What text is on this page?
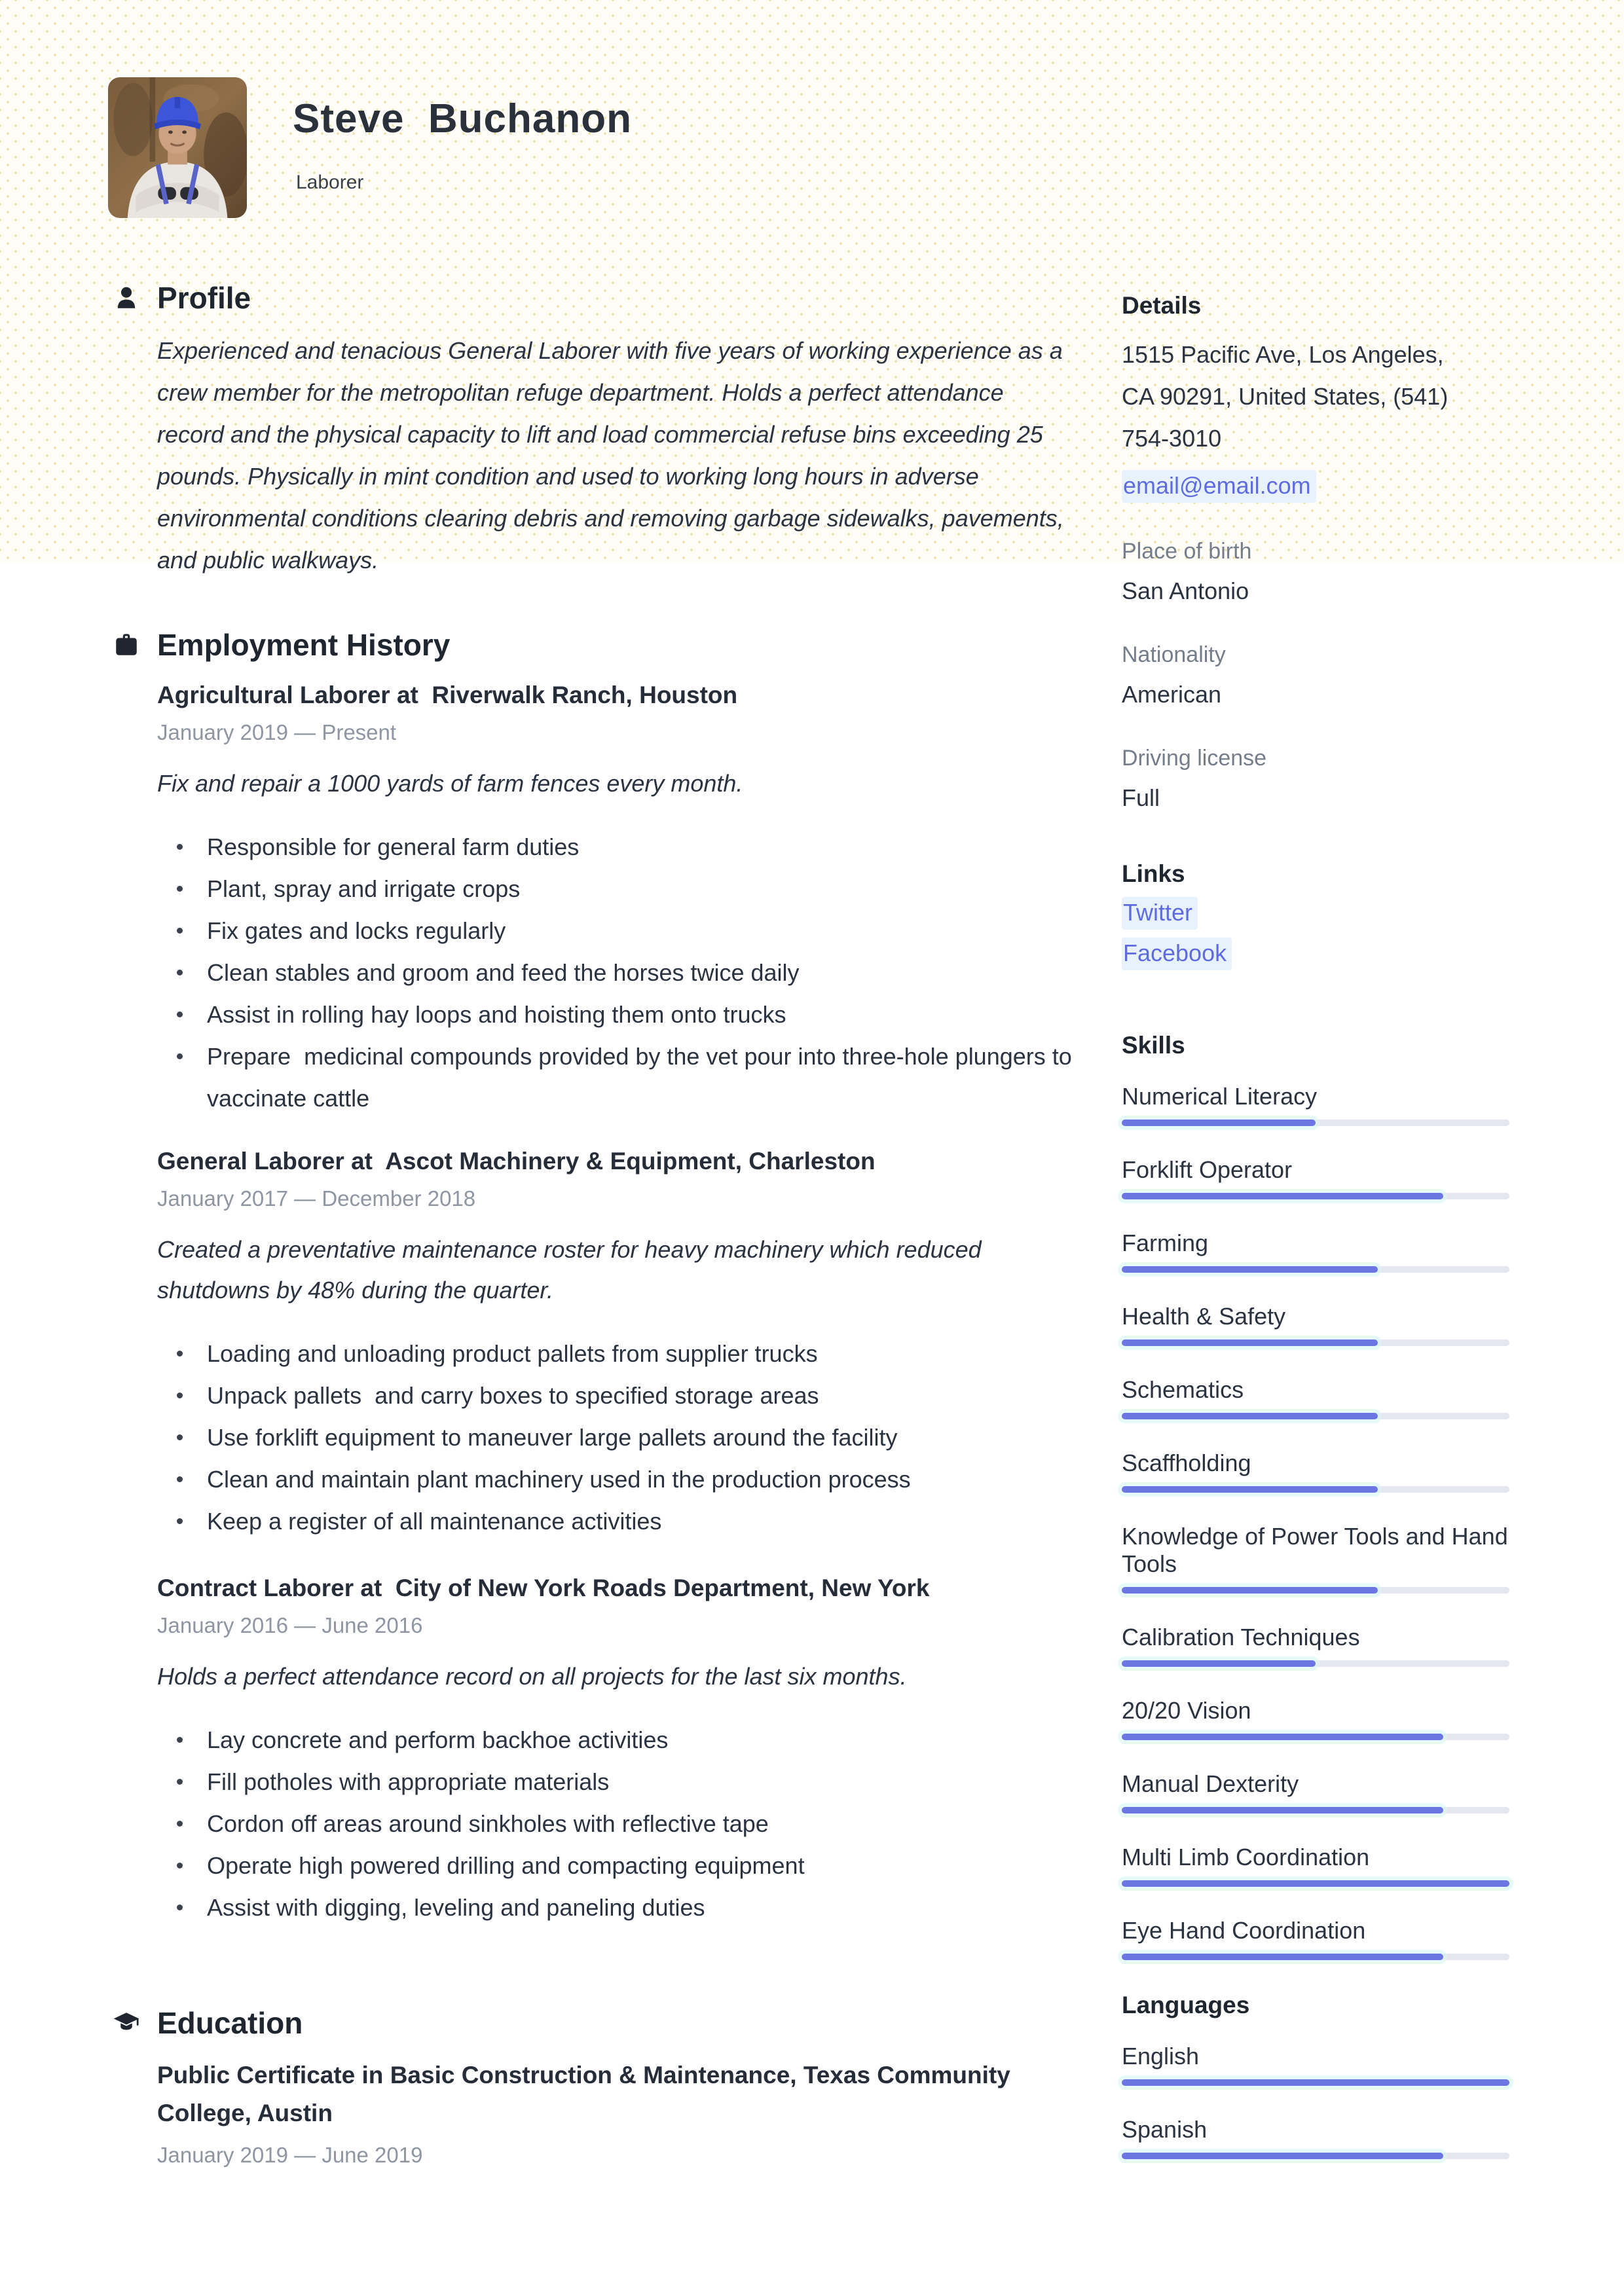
Steve  Buchanon
Laborer
Profile

Experienced and tenacious General Laborer with five years of working experience as a crew member for the metropolitan refuge department. Holds a perfect attendance record and the physical capacity to lift and load commercial refuse bins exceeding 25 pounds. Physically in mint condition and used to working long hours in adverse environmental conditions clearing debris and removing garbage sidewalks, pavements, and public walkways.

Employment History
Agricultural Laborer at  Riverwalk Ranch, Houston
January 2019 — Present

Fix and repair a 1000 yards of farm fences every month.

Responsible for general farm duties
Plant, spray and irrigate crops
Fix gates and locks regularly
Clean stables and groom and feed the horses twice daily
Assist in rolling hay loops and hoisting them onto trucks
Prepare  medicinal compounds provided by the vet pour into three-hole plungers to     vaccinate cattle
General Laborer at  Ascot Machinery & Equipment, Charleston
January 2017 — December 2018

Created a preventative maintenance roster for heavy machinery which reduced shutdowns by 48% during the quarter.

Loading and unloading product pallets from supplier trucks
Unpack pallets  and carry boxes to specified storage areas
Use forklift equipment to maneuver large pallets around the facility
Clean and maintain plant machinery used in the production process
Keep a register of all maintenance activities
Contract Laborer at  City of New York Roads Department, New York
January 2016 — June 2016

Holds a perfect attendance record on all projects for the last six months.

Lay concrete and perform backhoe activities
Fill potholes with appropriate materials
Cordon off areas around sinkholes with reflective tape
Operate high powered drilling and compacting equipment
Assist with digging, leveling and paneling duties
Education
Public Certificate in Basic Construction & Maintenance, Texas Community College, Austin
January 2019 — June 2019
Details
1515 Pacific Ave, Los Angeles,
CA 90291, United States, (541)
754-3010
email@email.com
Place of birth
San Antonio
Nationality
American
Driving license
Full
Links
Twitter
Facebook
Skills
Numerical Literacy
Forklift Operator
Farming
Health & Safety
Schematics
Scaffholding
Knowledge of Power Tools and Hand Tools
Calibration Techniques
20/20 Vision
Manual Dexterity
Multi Limb Coordination
Eye Hand Coordination
Languages
English
Spanish
